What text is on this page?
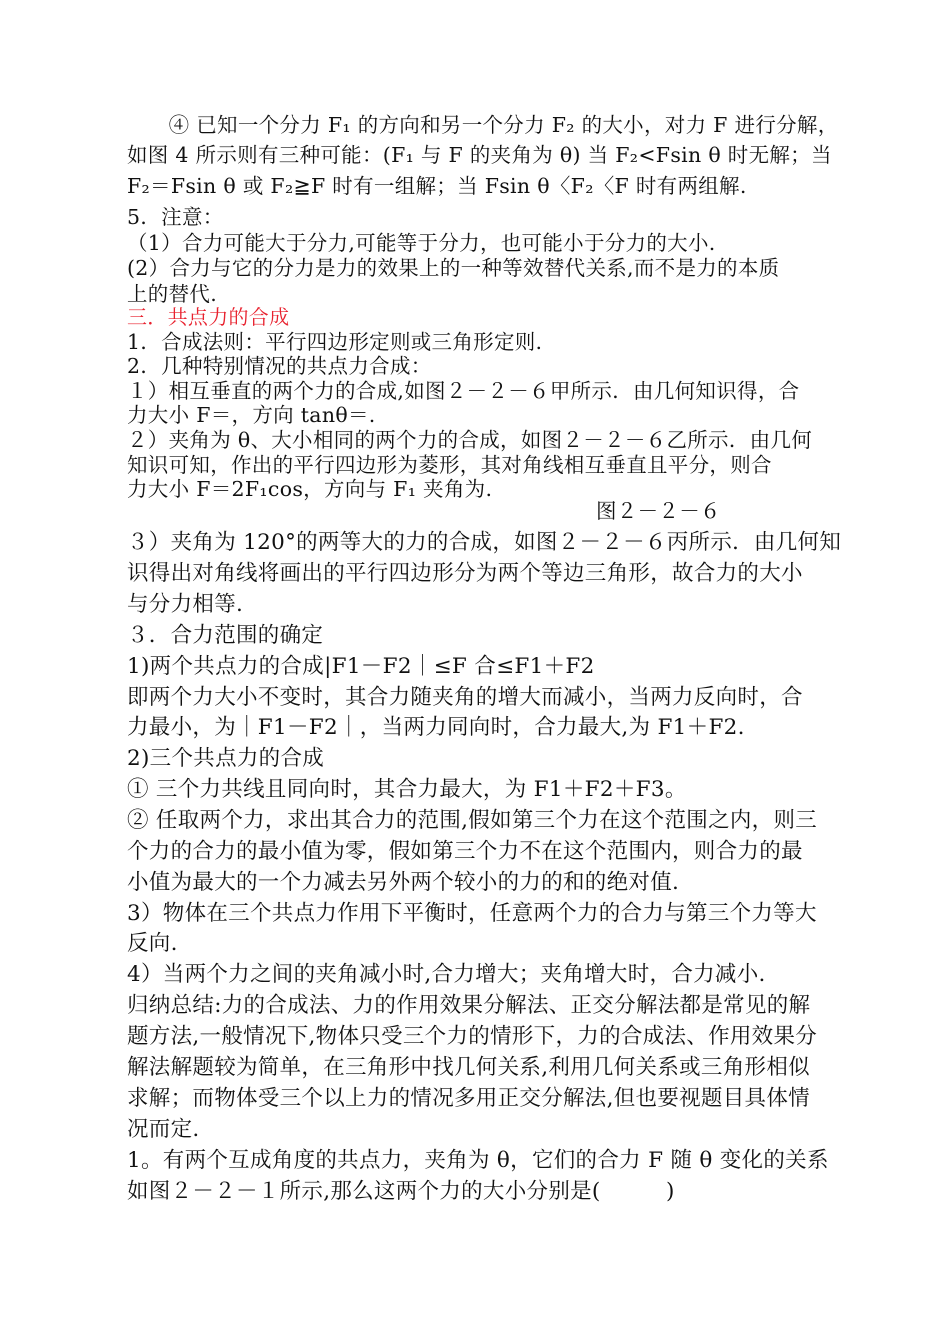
　　④ 已知一个分力 F₁ 的方向和另一个分力 F₂ 的大小，对力 F 进行分解，
如图 4 所示则有三种可能：(F₁ 与 F 的夹角为 θ) 当 F₂<Fsin θ 时无解；当
F₂＝Fsin θ 或 F₂≧F 时有一组解；当 Fsin θ〈F₂〈F 时有两组解.
5．注意：
（1）合力可能大于分力,可能等于分力，也可能小于分力的大小.
(2）合力与它的分力是力的效果上的一种等效替代关系,而不是力的本质
上的替代.
三．共点力的合成
1．合成法则：平行四边形定则或三角形定则.
2．几种特别情况的共点力合成：
１）相互垂直的两个力的合成,如图２－２－６甲所示．由几何知识得，合
力大小 F＝，方向 tanθ＝.
２）夹角为 θ、大小相同的两个力的合成，如图２－２－６乙所示．由几何
知识可知，作出的平行四边形为菱形，其对角线相互垂直且平分，则合
力大小 F＝2F₁cos，方向与 F₁ 夹角为.
图２－２－６
３）夹角为 120°的两等大的力的合成，如图２－２－６丙所示．由几何知
识得出对角线将画出的平行四边形分为两个等边三角形，故合力的大小
与分力相等.
３．合力范围的确定
1)两个共点力的合成|F1－F2｜≤F 合≤F1＋F2
即两个力大小不变时，其合力随夹角的增大而减小，当两力反向时，合
力最小，为｜F1－F2｜，当两力同向时，合力最大,为 F1＋F2.
2)三个共点力的合成
① 三个力共线且同向时，其合力最大，为 F1＋F2＋F3。
② 任取两个力，求出其合力的范围,假如第三个力在这个范围之内，则三
个力的合力的最小值为零，假如第三个力不在这个范围内，则合力的最
小值为最大的一个力减去另外两个较小的力的和的绝对值.
3）物体在三个共点力作用下平衡时，任意两个力的合力与第三个力等大
反向.
4）当两个力之间的夹角减小时,合力增大；夹角增大时，合力减小.
归纳总结:力的合成法、力的作用效果分解法、正交分解法都是常见的解
题方法,一般情况下,物体只受三个力的情形下，力的合成法、作用效果分
解法解题较为简单，在三角形中找几何关系,利用几何关系或三角形相似
求解；而物体受三个以上力的情况多用正交分解法,但也要视题目具体情
况而定.
1。有两个互成角度的共点力，夹角为 θ，它们的合力 F 随 θ 变化的关系
如图２－２－１所示,那么这两个力的大小分别是(　　　)
